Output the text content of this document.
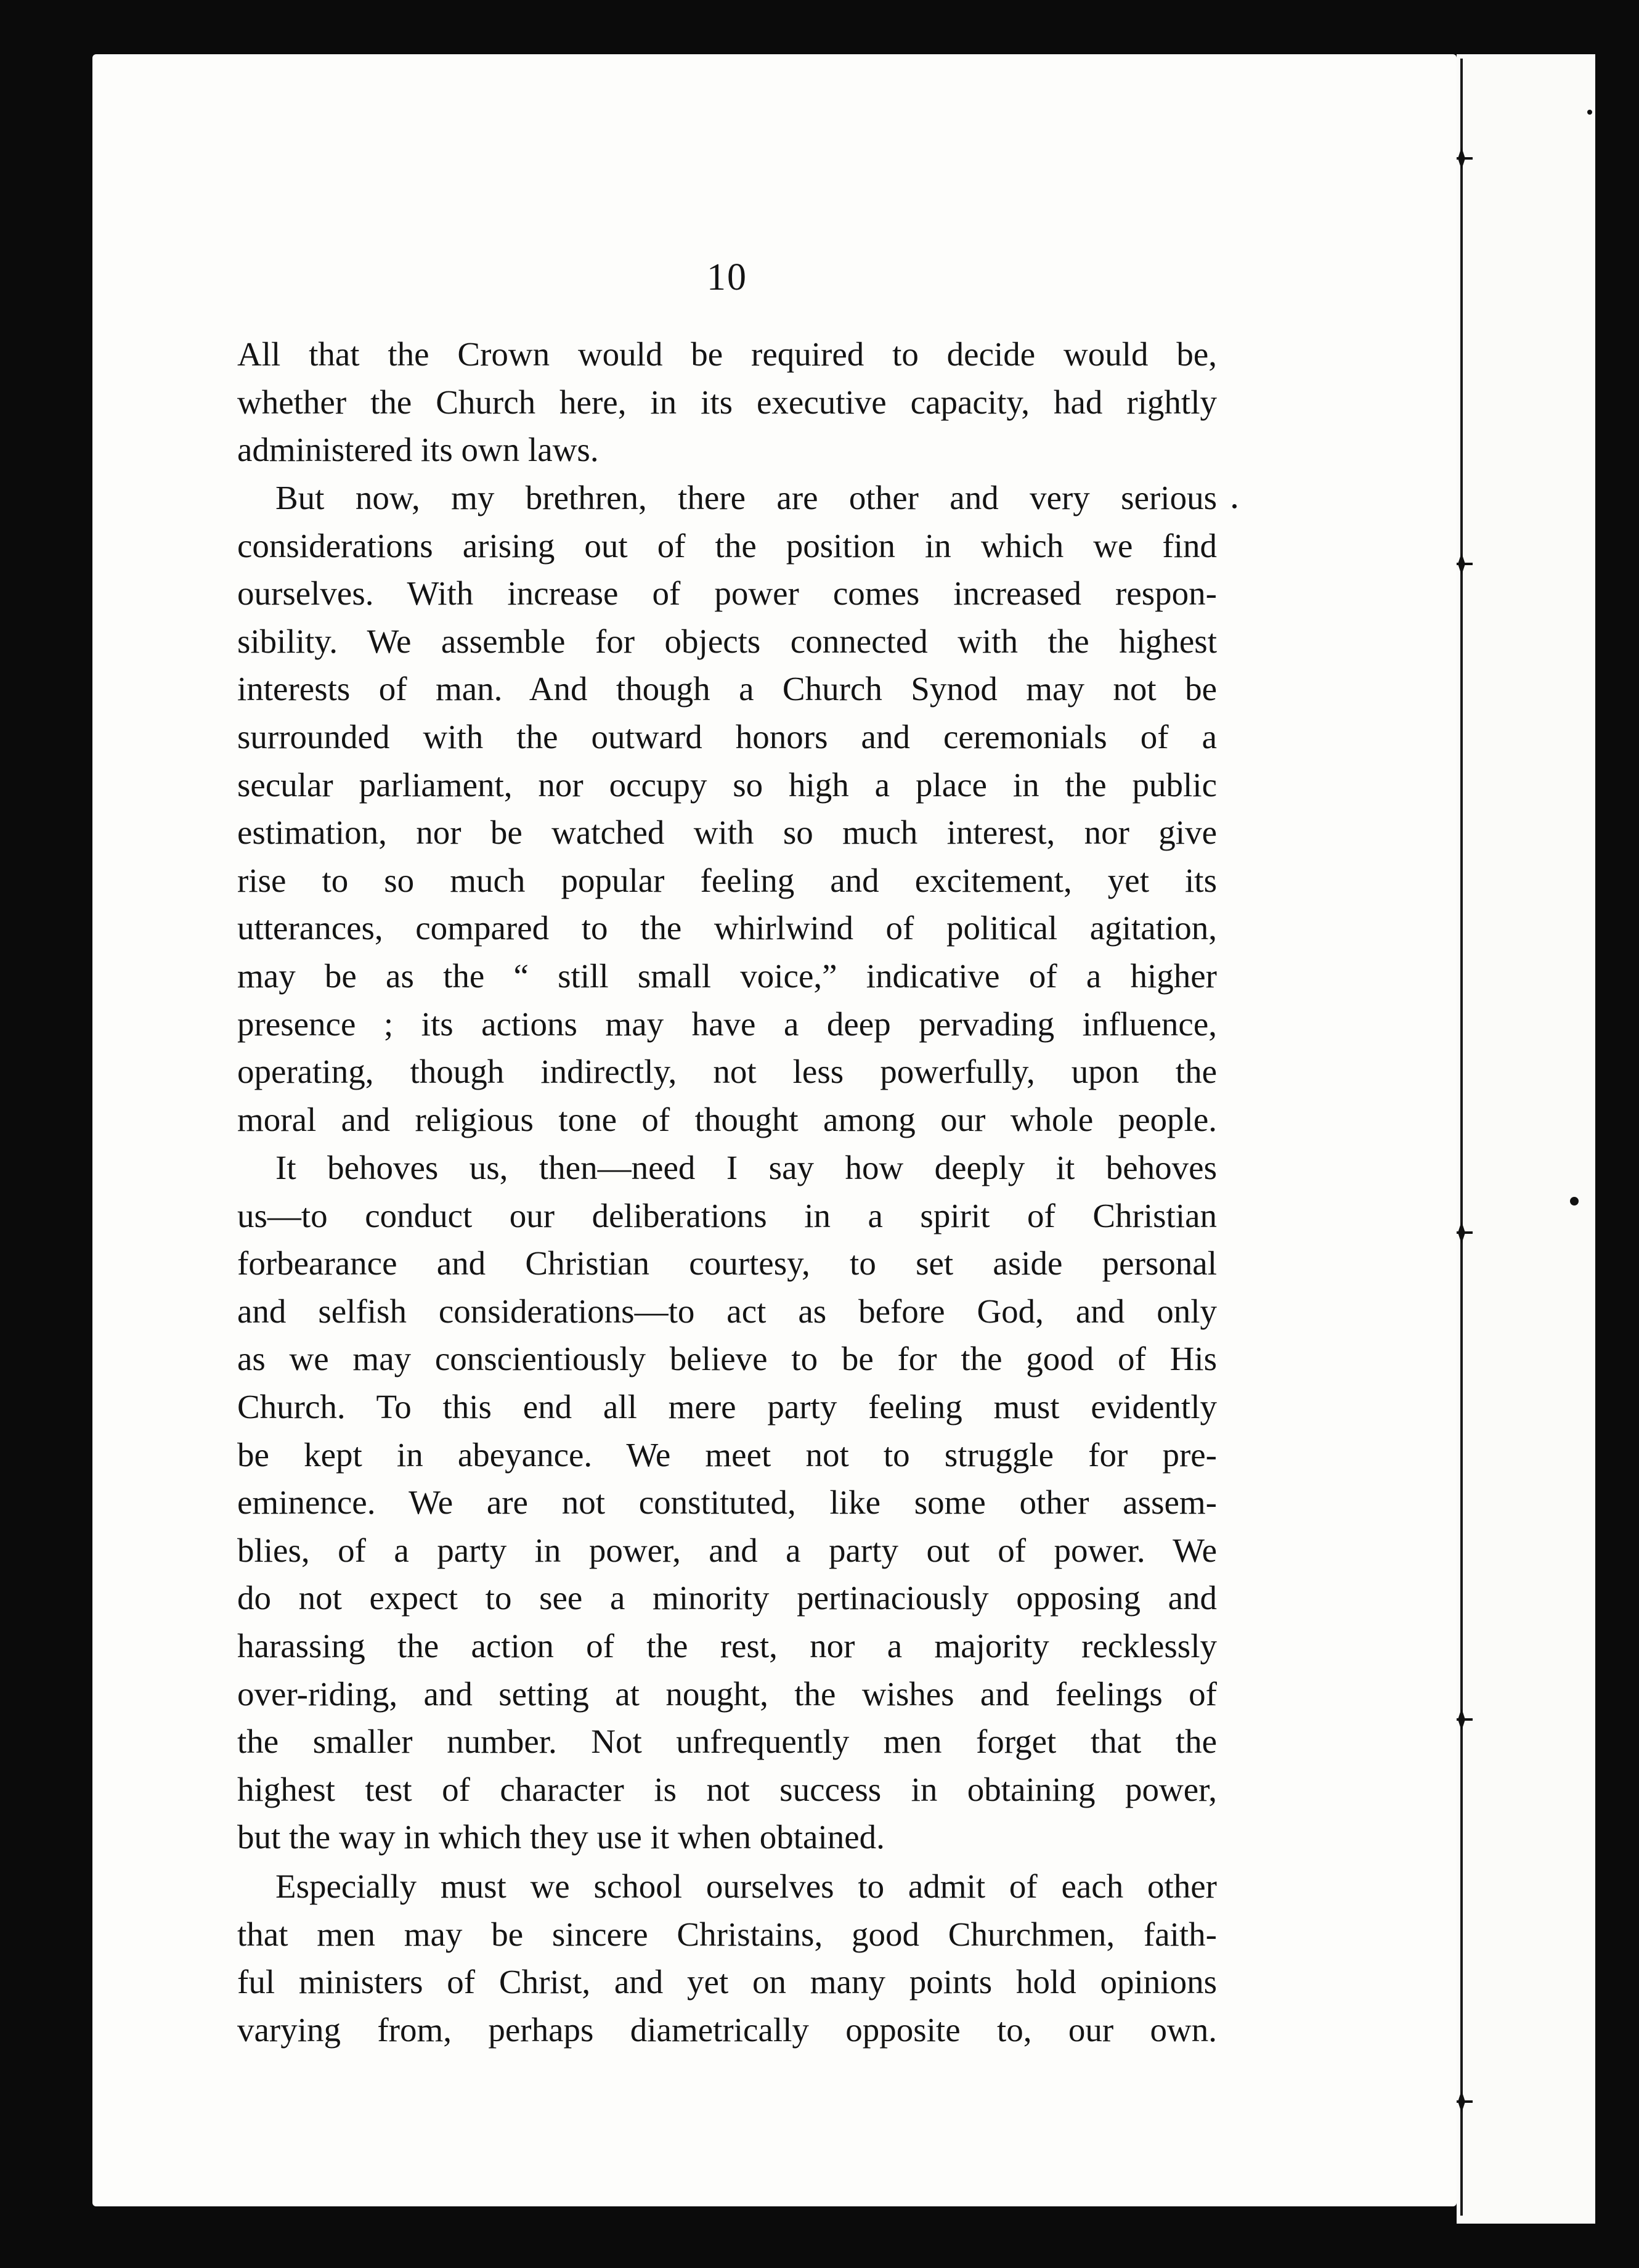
10
All that the Crown would be required to decide would be,
whether the Church here, in its executive capacity, had rightly
administered its own laws.
But now, my brethren, there are other and very serious
considerations arising out of the position in which we find
ourselves. With increase of power comes increased respon-
sibility. We assemble for objects connected with the highest
interests of man. And though a Church Synod may not be
surrounded with the outward honors and ceremonials of a
secular parliament, nor occupy so high a place in the public
estimation, nor be watched with so much interest, nor give
rise to so much popular feeling and excitement, yet its
utterances, compared to the whirlwind of political agitation,
may be as the “ still small voice,” indicative of a higher
presence ; its actions may have a deep pervading influence,
operating, though indirectly, not less powerfully, upon the
moral and religious tone of thought among our whole people.
It behoves us, then—need I say how deeply it behoves
us—to conduct our deliberations in a spirit of Christian
forbearance and Christian courtesy, to set aside personal
and selfish considerations—to act as before God, and only
as we may conscientiously believe to be for the good of His
Church. To this end all mere party feeling must evidently
be kept in abeyance. We meet not to struggle for pre-
eminence. We are not constituted, like some other assem-
blies, of a party in power, and a party out of power. We
do not expect to see a minority pertinaciously opposing and
harassing the action of the rest, nor a majority recklessly
over-riding, and setting at nought, the wishes and feelings of
the smaller number. Not unfrequently men forget that the
highest test of character is not success in obtaining power,
but the way in which they use it when obtained.
Especially must we school ourselves to admit of each other
that men may be sincere Christains, good Churchmen, faith-
ful ministers of Christ, and yet on many points hold opinions
varying from, perhaps diametrically opposite to, our own.
